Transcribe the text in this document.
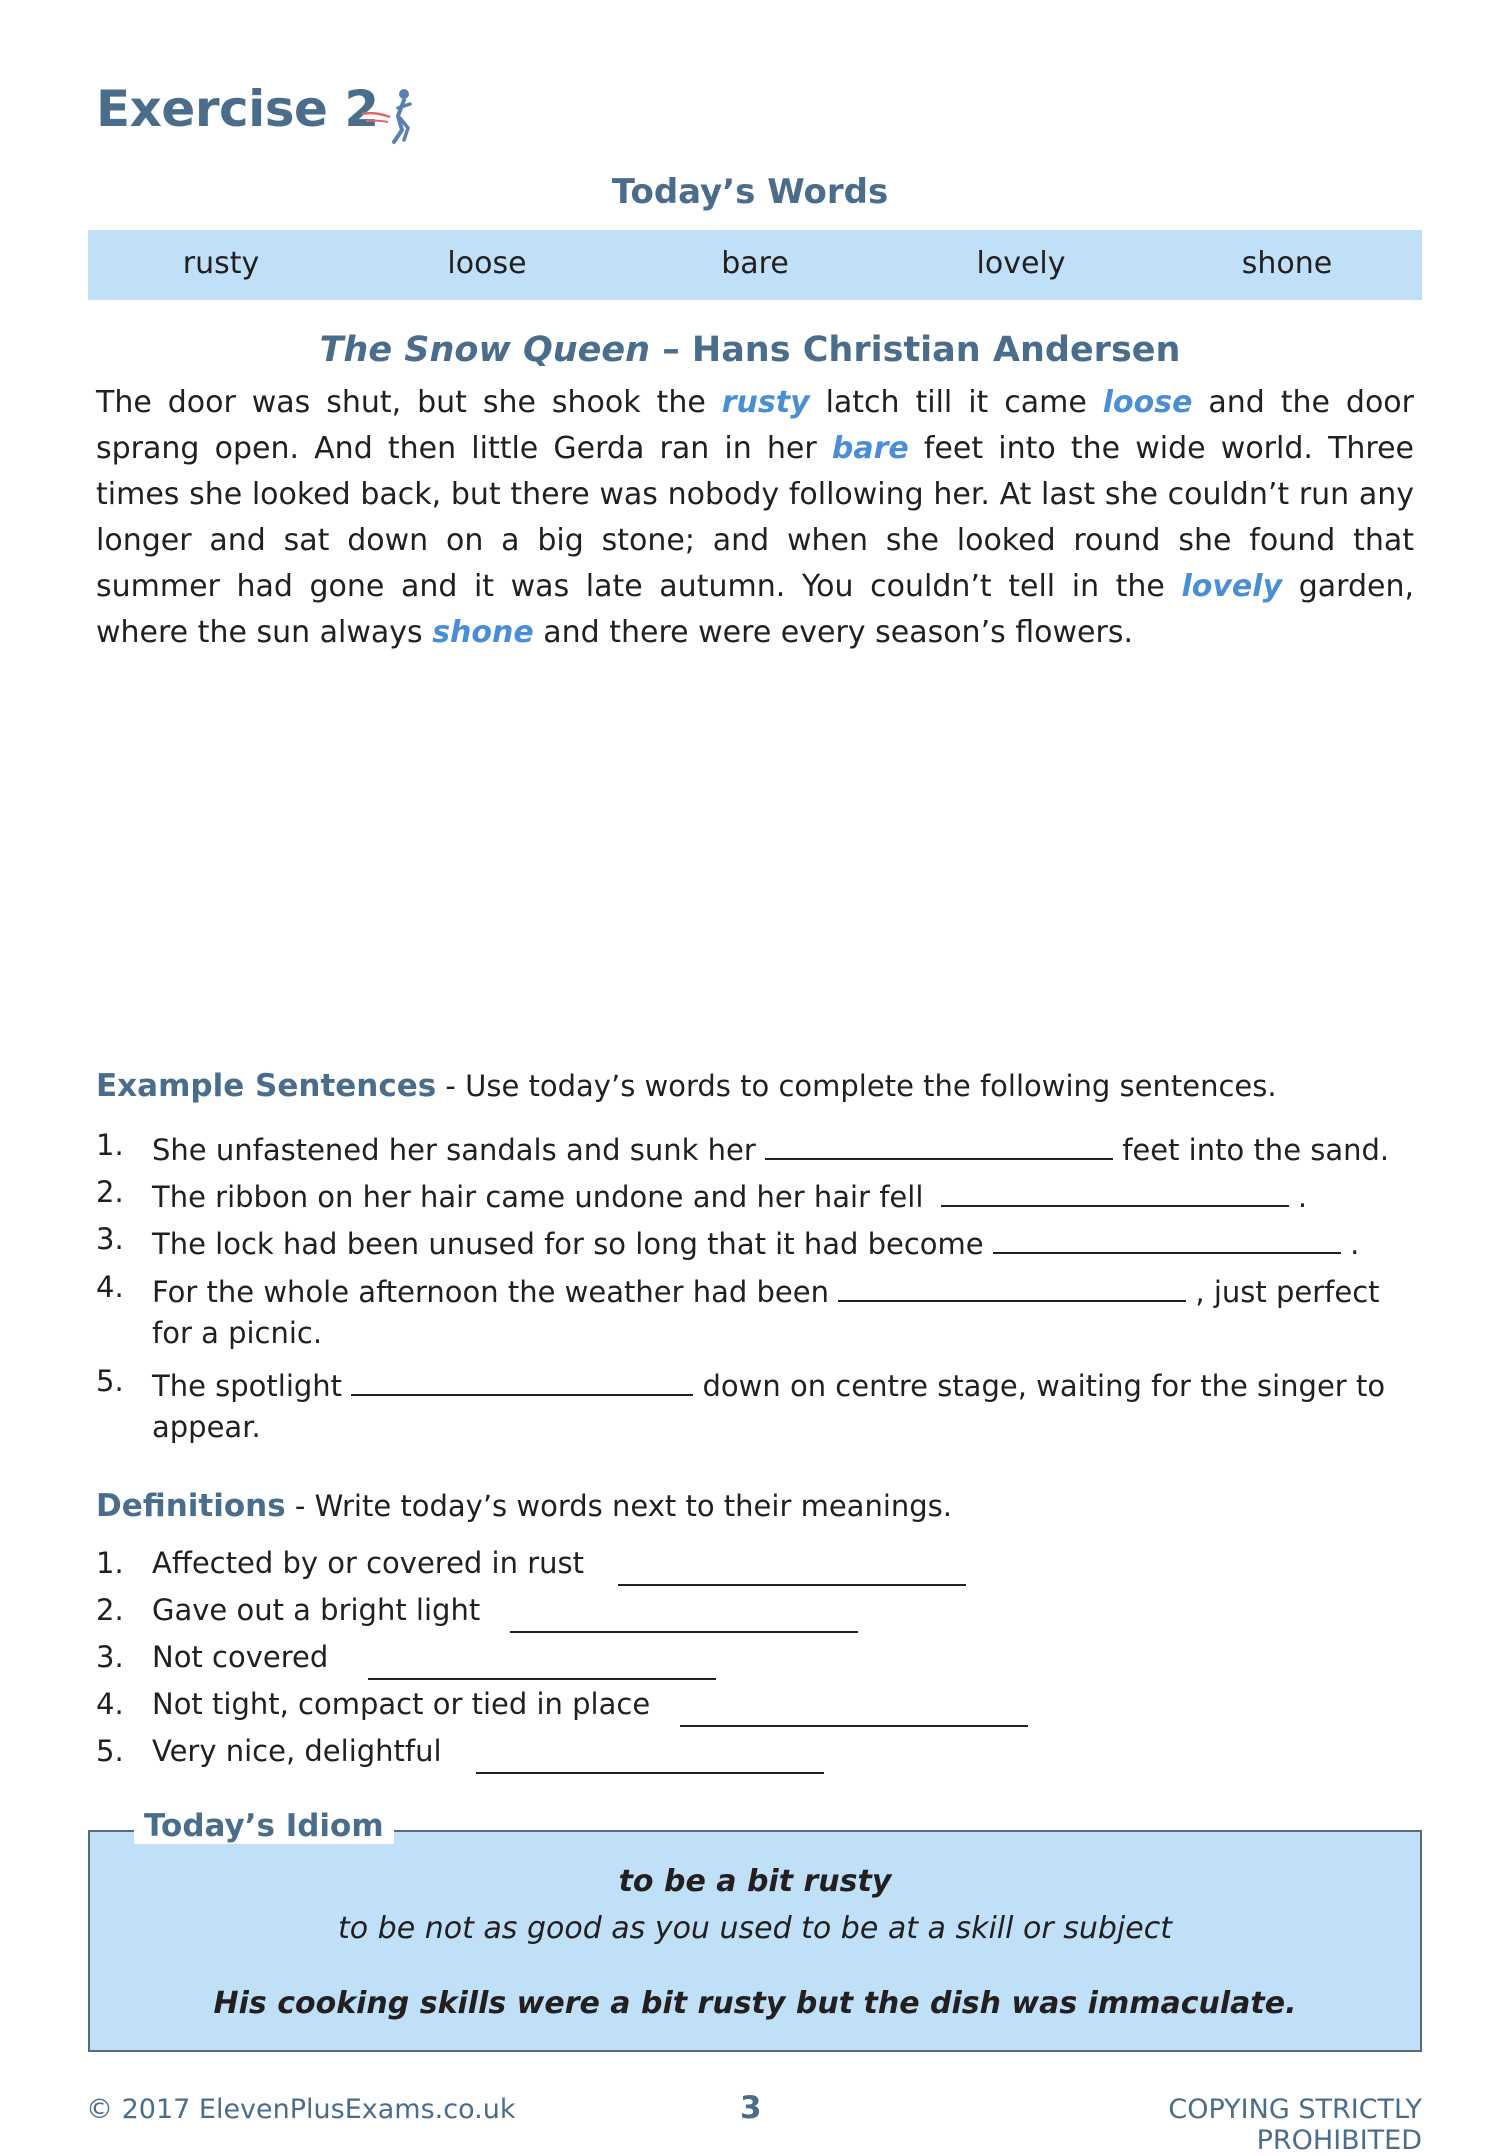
Exercise 2
Today’s Words
rusty	loose	bare	lovely	shone
The Snow Queen – Hans Christian Andersen
The door was shut, but she shook the rusty latch till it came loose and the door sprang open. And then little Gerda ran in her bare feet into the wide world. Three times she looked back, but there was nobody following her. At last she couldn’t run any longer and sat down on a big stone; and when she looked round she found that summer had gone and it was late autumn. You couldn’t tell in the lovely garden, where the sun always shone and there were every season’s flowers.
Example Sentences - Use today’s words to complete the following sentences.
1. She unfastened her sandals and sunk her	feet into the sand.
2. The ribbon on her hair came undone and her hair fell	.
3. The lock had been unused for so long that it had become	.
4. For the whole afternoon the weather had been	, just perfect
for a picnic.
5. The spotlight	down on centre stage, waiting for the singer to
appear.
Definitions - Write today’s words next to their meanings.
1. Affected by or covered in rust
2. Gave out a bright light
3. Not covered
4. Not tight, compact or tied in place
5. Very nice, delightful
to be a bit rusty
to be not as good as you used to be at a skill or subject
His cooking skills were a bit rusty but the dish was immaculate.
Today’s Idiom
© 2017 ElevenPlusExams.co.uk	3	COPYING STRICTLY PROHIBITED
